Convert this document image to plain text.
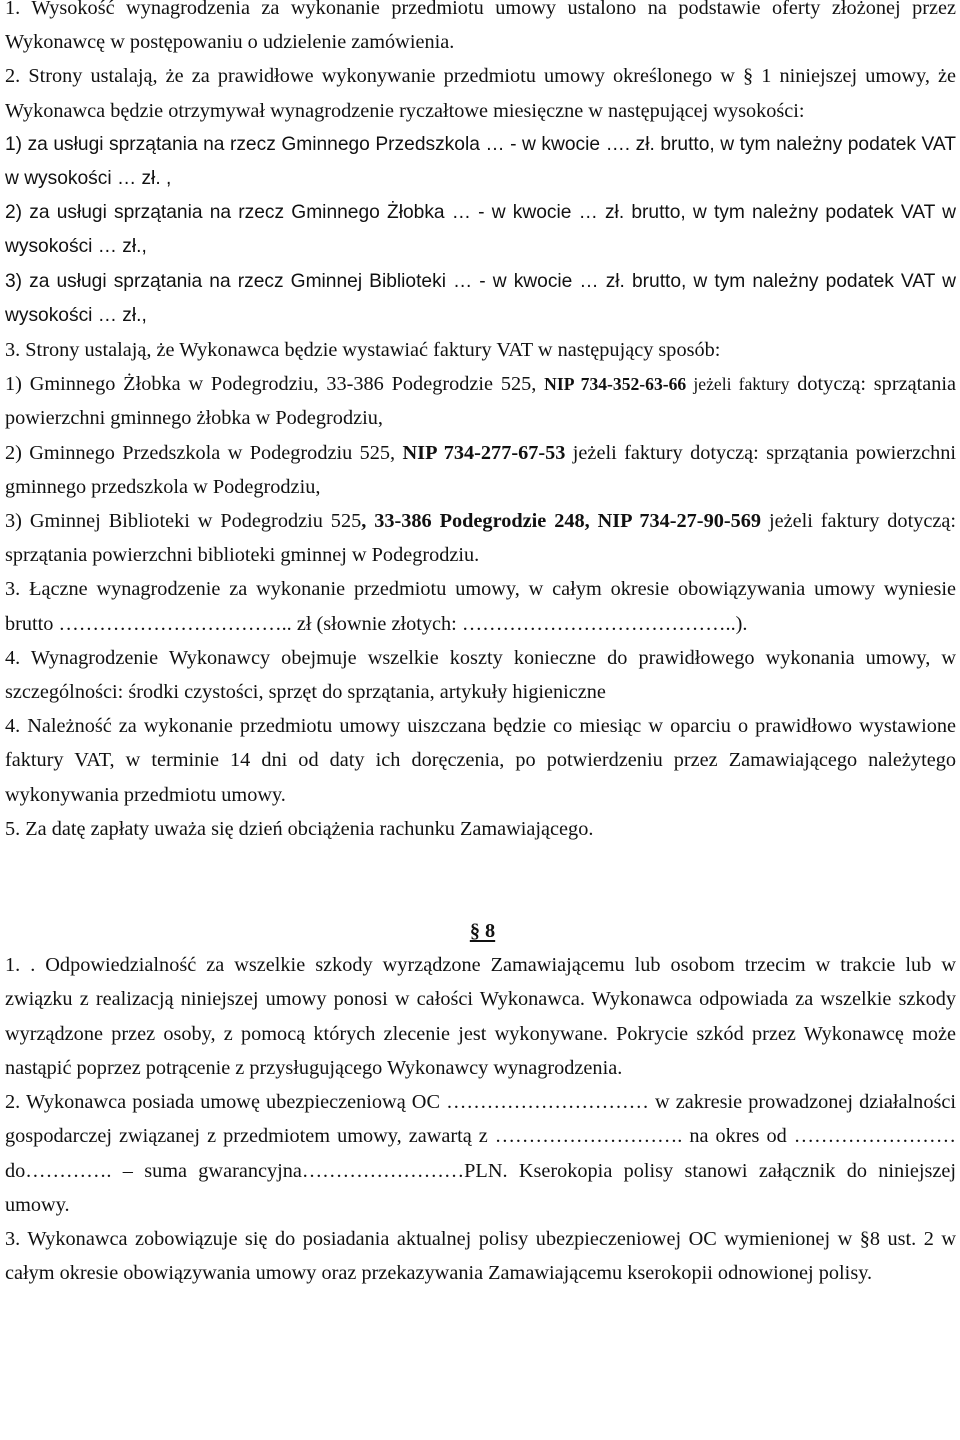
1. Wysokość wynagrodzenia za wykonanie przedmiotu umowy ustalono na podstawie oferty złożonej przez Wykonawcę w postępowaniu o udzielenie zamówienia.

2. Strony ustalają, że za prawidłowe wykonywanie przedmiotu umowy określonego w § 1 niniejszej umowy, że Wykonawca będzie otrzymywał wynagrodzenie ryczałtowe miesięczne w następującej wysokości:

1) za usługi sprzątania na rzecz Gminnego Przedszkola … - w kwocie …. zł. brutto, w tym należny podatek VAT w wysokości … zł. ,

2) za usługi sprzątania na rzecz Gminnego Żłobka … - w kwocie … zł. brutto, w tym należny podatek VAT w wysokości … zł.,

3) za usługi sprzątania na rzecz Gminnej Biblioteki … - w kwocie … zł. brutto, w tym należny podatek VAT w wysokości … zł.,

3. Strony ustalają, że Wykonawca będzie wystawiać faktury VAT w następujący sposób:

1) Gminnego Żłobka w Podegrodziu, 33-386 Podegrodzie 525, NIP 734-352-63-66 jeżeli faktury dotyczą: sprzątania powierzchni gminnego żłobka w Podegrodziu,

2) Gminnego Przedszkola w Podegrodziu 525, NIP 734-277-67-53 jeżeli faktury dotyczą: sprzątania powierzchni gminnego przedszkola w Podegrodziu,

3) Gminnej Biblioteki w Podegrodziu 525, 33-386 Podegrodzie 248, NIP 734-27-90-569 jeżeli faktury dotyczą: sprzątania powierzchni biblioteki gminnej w Podegrodziu.

3. Łączne wynagrodzenie za wykonanie przedmiotu umowy, w całym okresie obowiązywania umowy wyniesie brutto …………………………….. zł (słownie złotych: …………………………………..).

4. Wynagrodzenie Wykonawcy obejmuje wszelkie koszty konieczne do prawidłowego wykonania umowy, w szczególności: środki czystości, sprzęt do sprzątania, artykuły higieniczne

4. Należność za wykonanie przedmiotu umowy uiszczana będzie co miesiąc w oparciu o prawidłowo wystawione faktury VAT, w terminie 14 dni od daty ich doręczenia, po potwierdzeniu przez Zamawiającego należytego wykonywania przedmiotu umowy.

5. Za datę zapłaty uważa się dzień obciążenia rachunku Zamawiającego.

§ 8

1. . Odpowiedzialność za wszelkie szkody wyrządzone Zamawiającemu lub osobom trzecim w trakcie lub w związku z realizacją niniejszej umowy ponosi w całości Wykonawca. Wykonawca odpowiada za wszelkie szkody wyrządzone przez osoby, z pomocą których zlecenie jest wykonywane. Pokrycie szkód przez Wykonawcę może nastąpić poprzez potrącenie z przysługującego Wykonawcy wynagrodzenia.

2. Wykonawca posiada umowę ubezpieczeniową OC ………………………… w zakresie prowadzonej działalności gospodarczej związanej z przedmiotem umowy, zawartą z ………………………. na okres od ……………………do…………. – suma gwarancyjna……………………PLN. Kserokopia polisy stanowi załącznik do niniejszej umowy.

3. Wykonawca zobowiązuje się do posiadania aktualnej polisy ubezpieczeniowej OC wymienionej w §8 ust. 2 w całym okresie obowiązywania umowy oraz przekazywania Zamawiającemu kserokopii odnowionej polisy.
